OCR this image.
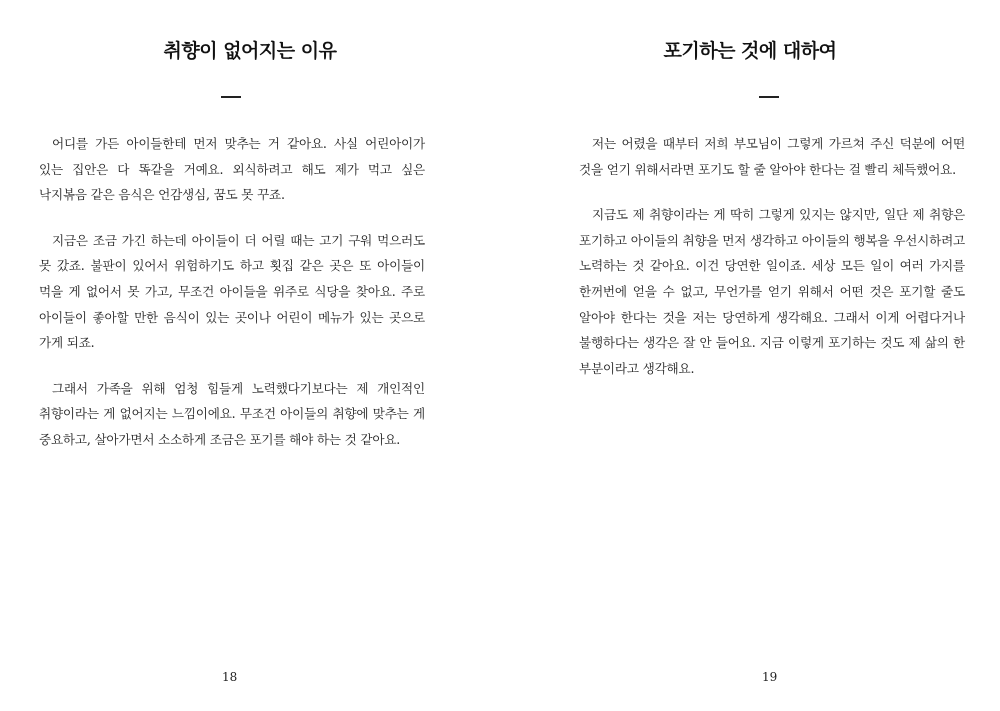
취향이 없어지는 이유

어디를 가든 아이들한테 먼저 맞추는 거 같아요. 사실 어린아이가 있는 집안은 다 똑같을 거예요. 외식하려고 해도 제가 먹고 싶은 낙지볶음 같은 음식은 언감생심, 꿈도 못 꾸죠.

지금은 조금 가긴 하는데 아이들이 더 어릴 때는 고기 구워 먹으러도 못 갔죠. 불판이 있어서 위험하기도 하고 횟집 같은 곳은 또 아이들이 먹을 게 없어서 못 가고, 무조건 아이들을 위주로 식당을 찾아요. 주로 아이들이 좋아할 만한 음식이 있는 곳이나 어린이 메뉴가 있는 곳으로 가게 되죠.

그래서 가족을 위해 엄청 힘들게 노력했다기보다는 제 개인적인 취향이라는 게 없어지는 느낌이에요. 무조건 아이들의 취향에 맞추는 게 중요하고, 살아가면서 소소하게 조금은 포기를 해야 하는 것 같아요.

18
포기하는 것에 대하여

저는 어렸을 때부터 저희 부모님이 그렇게 가르쳐 주신 덕분에 어떤 것을 얻기 위해서라면 포기도 할 줄 알아야 한다는 걸 빨리 체득했어요.

지금도 제 취향이라는 게 딱히 그렇게 있지는 않지만, 일단 제 취향은 포기하고 아이들의 취향을 먼저 생각하고 아이들의 행복을 우선시하려고 노력하는 것 같아요. 이건 당연한 일이죠. 세상 모든 일이 여러 가지를 한꺼번에 얻을 수 없고, 무언가를 얻기 위해서 어떤 것은 포기할 줄도 알아야 한다는 것을 저는 당연하게 생각해요. 그래서 이게 어렵다거나 불행하다는 생각은 잘 안 들어요. 지금 이렇게 포기하는 것도 제 삶의 한 부분이라고 생각해요.

19
